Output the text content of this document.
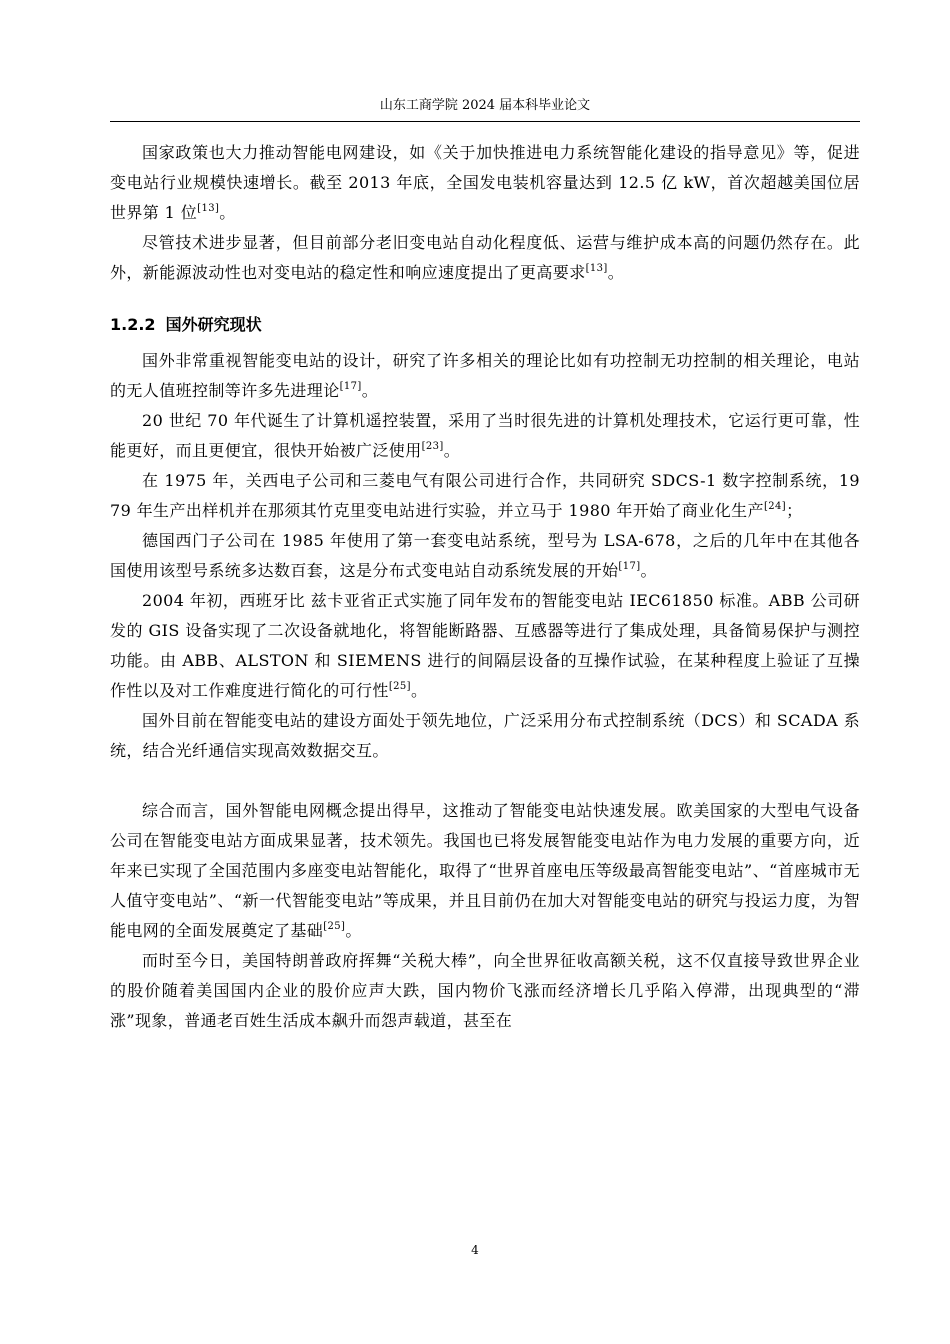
山东工商学院 2024 届本科毕业论文

国家政策也大力推动智能电网建设，如《关于加快推进电力系统智能化建设的指导意见》等，促进变电站行业规模快速增长。截至 2013 年底，全国发电装机容量达到 12.5 亿 kW，首次超越美国位居世界第 1 位[13]。

尽管技术进步显著，但目前部分老旧变电站自动化程度低、运营与维护成本高的问题仍然存在。此外，新能源波动性也对变电站的稳定性和响应速度提出了更高要求[13]。

1.2.2 国外研究现状

国外非常重视智能变电站的设计，研究了许多相关的理论比如有功控制无功控制的相关理论，电站的无人值班控制等许多先进理论[17]。

20 世纪 70 年代诞生了计算机遥控装置，采用了当时很先进的计算机处理技术，它运行更可靠，性能更好，而且更便宜，很快开始被广泛使用[23]。

在 1975 年，关西电子公司和三菱电气有限公司进行合作，共同研究 SDCS-1 数字控制系统，1979 年生产出样机并在那须其竹克里变电站进行实验，并立马于 1980 年开始了商业化生产[24]；

德国西门子公司在 1985 年使用了第一套变电站系统，型号为 LSA-678，之后的几年中在其他各国使用该型号系统多达数百套，这是分布式变电站自动系统发展的开始[17]。

2004 年初，西班牙比 兹卡亚省正式实施了同年发布的智能变电站 IEC61850 标准。ABB 公司研发的 GIS 设备实现了二次设备就地化，将智能断路器、互感器等进行了集成处理，具备简易保护与测控功能。由 ABB、ALSTON 和 SIEMENS 进行的间隔层设备的互操作试验，在某种程度上验证了互操作性以及对工作难度进行简化的可行性[25]。

国外目前在智能变电站的建设方面处于领先地位，广泛采用分布式控制系统（DCS）和 SCADA 系统，结合光纤通信实现高效数据交互。

综合而言，国外智能电网概念提出得早，这推动了智能变电站快速发展。欧美国家的大型电气设备公司在智能变电站方面成果显著，技术领先。我国也已将发展智能变电站作为电力发展的重要方向，近年来已实现了全国范围内多座变电站智能化，取得了“世界首座电压等级最高智能变电站”、“首座城市无人值守变电站”、“新一代智能变电站”等成果，并且目前仍在加大对智能变电站的研究与投运力度，为智能电网的全面发展奠定了基础[25]。

而时至今日，美国特朗普政府挥舞“关税大棒”，向全世界征收高额关税，这不仅直接导致世界企业的股价随着美国国内企业的股价应声大跌，国内物价飞涨而经济增长几乎陷入停滞，出现典型的“滞涨”现象，普通老百姓生活成本飙升而怨声载道，甚至在

4
